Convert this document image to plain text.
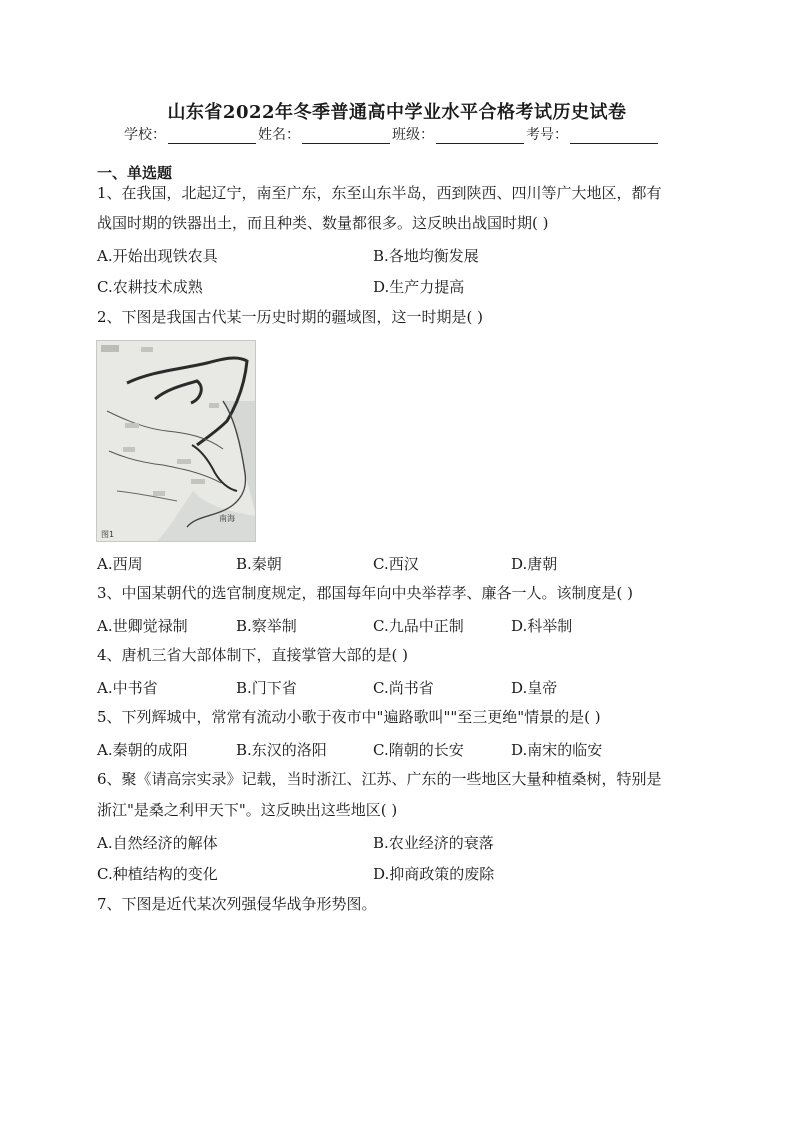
山东省2022年冬季普通高中学业水平合格考试历史试卷
学校：	姓名：	班级：	考号：
一、单选题
1、在我国，北起辽宁，南至广东，东至山东半岛，西到陕西、四川等广大地区，都有
战国时期的铁器出土，而且种类、数量都很多。这反映出战国时期( )
A.开始出现铁农具	B.各地均衡发展
C.农耕技术成熟	D.生产力提高
2、下图是我国古代某一历史时期的疆域图，这一时期是( )
南海
图1
A.西周	B.秦朝	C.西汉	D.唐朝
3、中国某朝代的选官制度规定，郡国每年向中央举荐孝、廉各一人。该制度是( )
A.世卿觉禄制	B.察举制	C.九品中正制	D.科举制
4、唐机三省大部体制下，直接掌管大部的是( )
A.中书省	B.门下省	C.尚书省	D.皇帝
5、下列辉城中，常常有流动小歌于夜市中"遍路歌叫""至三更绝"情景的是( )
A.秦朝的成阳	B.东汉的洛阳	C.隋朝的长安	D.南宋的临安
6、聚《请高宗实录》记载，当时浙江、江苏、广东的一些地区大量种植桑树，特别是
浙江"是桑之利甲天下"。这反映出这些地区( )
A.自然经济的解体	B.农业经济的衰落
C.种植结构的变化	D.抑商政策的废除
7、下图是近代某次列强侵华战争形势图。
